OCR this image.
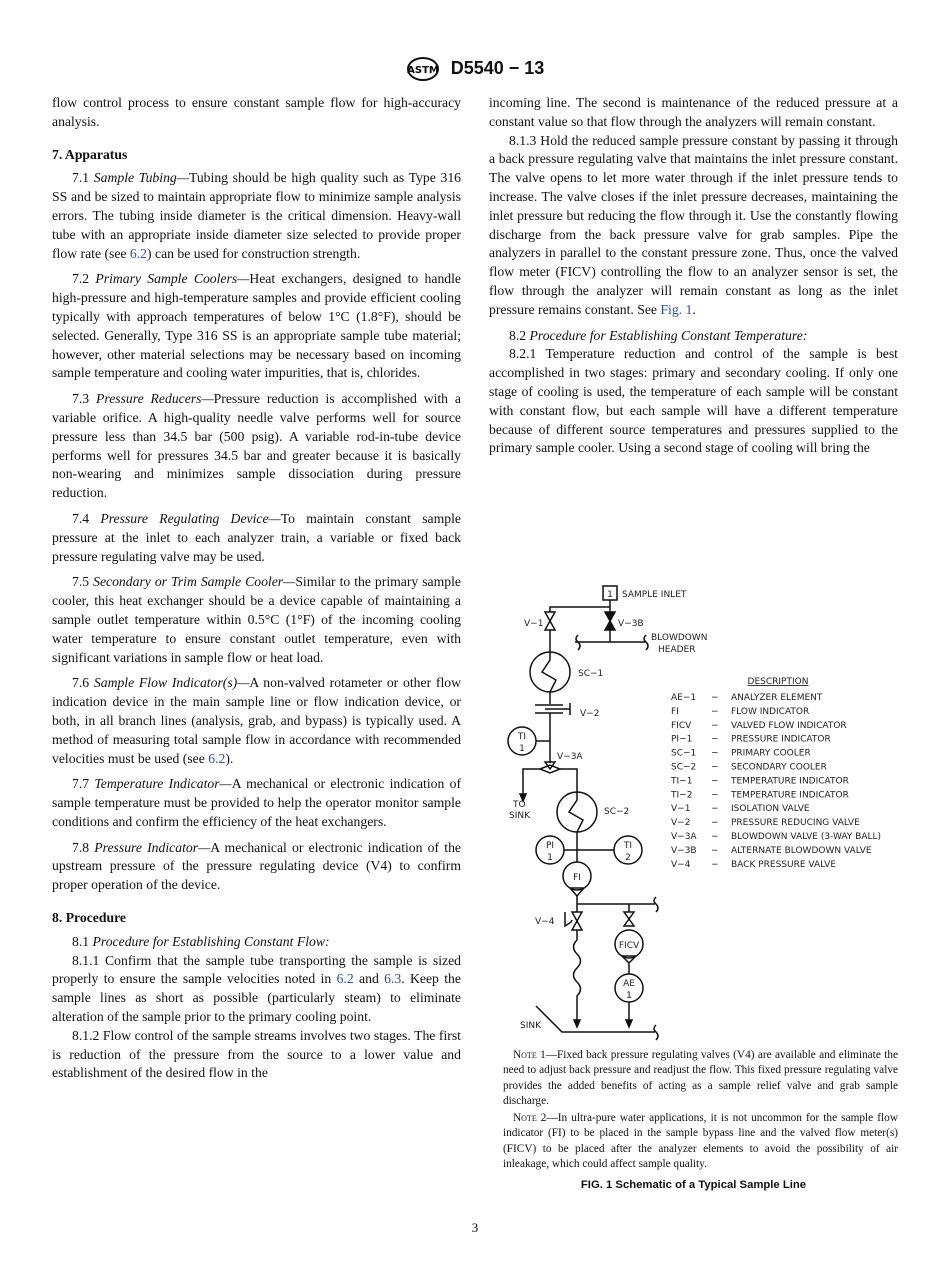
ASTM D5540 − 13

flow control process to ensure constant sample flow for high-accuracy analysis.

7. Apparatus

7.1 Sample Tubing—Tubing should be high quality such as Type 316 SS and be sized to maintain appropriate flow to minimize sample analysis errors. The tubing inside diameter is the critical dimension. Heavy-wall tube with an appropriate inside diameter size selected to provide proper flow rate (see 6.2) can be used for construction strength.

7.2 Primary Sample Coolers—Heat exchangers, designed to handle high-pressure and high-temperature samples and provide efficient cooling typically with approach temperatures of below 1°C (1.8°F), should be selected. Generally, Type 316 SS is an appropriate sample tube material; however, other material selections may be necessary based on incoming sample temperature and cooling water impurities, that is, chlorides.

7.3 Pressure Reducers—Pressure reduction is accomplished with a variable orifice. A high-quality needle valve performs well for source pressure less than 34.5 bar (500 psig). A variable rod-in-tube device performs well for pressures 34.5 bar and greater because it is basically non-wearing and minimizes sample dissociation during pressure reduction.

7.4 Pressure Regulating Device—To maintain constant sample pressure at the inlet to each analyzer train, a variable or fixed back pressure regulating valve may be used.

7.5 Secondary or Trim Sample Cooler—Similar to the primary sample cooler, this heat exchanger should be a device capable of maintaining a sample outlet temperature within 0.5°C (1°F) of the incoming cooling water temperature to ensure constant outlet temperature, even with significant variations in sample flow or heat load.

7.6 Sample Flow Indicator(s)—A non-valved rotameter or other flow indication device in the main sample line or flow indication device, or both, in all branch lines (analysis, grab, and bypass) is typically used. A method of measuring total sample flow in accordance with recommended velocities must be used (see 6.2).

7.7 Temperature Indicator—A mechanical or electronic indication of sample temperature must be provided to help the operator monitor sample conditions and confirm the efficiency of the heat exchangers.

7.8 Pressure Indicator—A mechanical or electronic indication of the upstream pressure of the pressure regulating device (V4) to confirm proper operation of the device.

8. Procedure

8.1 Procedure for Establishing Constant Flow:

8.1.1 Confirm that the sample tube transporting the sample is sized properly to ensure the sample velocities noted in 6.2 and 6.3. Keep the sample lines as short as possible (particularly steam) to eliminate alteration of the sample prior to the primary cooling point.

8.1.2 Flow control of the sample streams involves two stages. The first is reduction of the pressure from the source to a lower value and establishment of the desired flow in the

incoming line. The second is maintenance of the reduced pressure at a constant value so that flow through the analyzers will remain constant.

8.1.3 Hold the reduced sample pressure constant by passing it through a back pressure regulating valve that maintains the inlet pressure constant. The valve opens to let more water through if the inlet pressure tends to increase. The valve closes if the inlet pressure decreases, maintaining the inlet pressure but reducing the flow through it. Use the constantly flowing discharge from the back pressure valve for grab samples. Pipe the analyzers in parallel to the constant pressure zone. Thus, once the valved flow meter (FICV) controlling the flow to an analyzer sensor is set, the flow through the analyzer will remain constant as long as the inlet pressure remains constant. See Fig. 1.

8.2 Procedure for Establishing Constant Temperature:

8.2.1 Temperature reduction and control of the sample is best accomplished in two stages: primary and secondary cooling. If only one stage of cooling is used, the temperature of each sample will be constant with constant flow, but each sample will have a different temperature because of different source temperatures and pressures supplied to the primary sample cooler. Using a second stage of cooling will bring the

1 SAMPLE INLET
V−1	V−3B
BLOWDOWN
HEADER
SC−1
V−2
TI
1
V−3A
TO
SINK	SC−2
PI
1
TI
2
FI
V−4
FICV
AE
1
SINK
DESCRIPTION
AE−1 − ANALYZER ELEMENT
FI	− FLOW INDICATOR
FICV − VALVED FLOW INDICATOR
PI−1 − PRESSURE INDICATOR
SC−1 − PRIMARY COOLER
SC−2 − SECONDARY COOLER
TI−1 − TEMPERATURE INDICATOR
TI−2 − TEMPERATURE INDICATOR
V−1 − ISOLATION VALVE
V−2 − PRESSURE REDUCING VALVE
V−3A − BLOWDOWN VALVE (3-WAY BALL)
V−3B − ALTERNATE BLOWDOWN VALVE
V−4 − BACK PRESSURE VALVE

Note 1—Fixed back pressure regulating valves (V4) are available and eliminate the need to adjust back pressure and readjust the flow. This fixed pressure regulating valve provides the added benefits of acting as a sample relief valve and grab sample discharge.

Note 2—In ultra-pure water applications, it is not uncommon for the sample flow indicator (FI) to be placed in the sample bypass line and the valved flow meter(s) (FICV) to be placed after the analyzer elements to avoid the possibility of air inleakage, which could affect sample quality.

FIG. 1 Schematic of a Typical Sample Line
3
